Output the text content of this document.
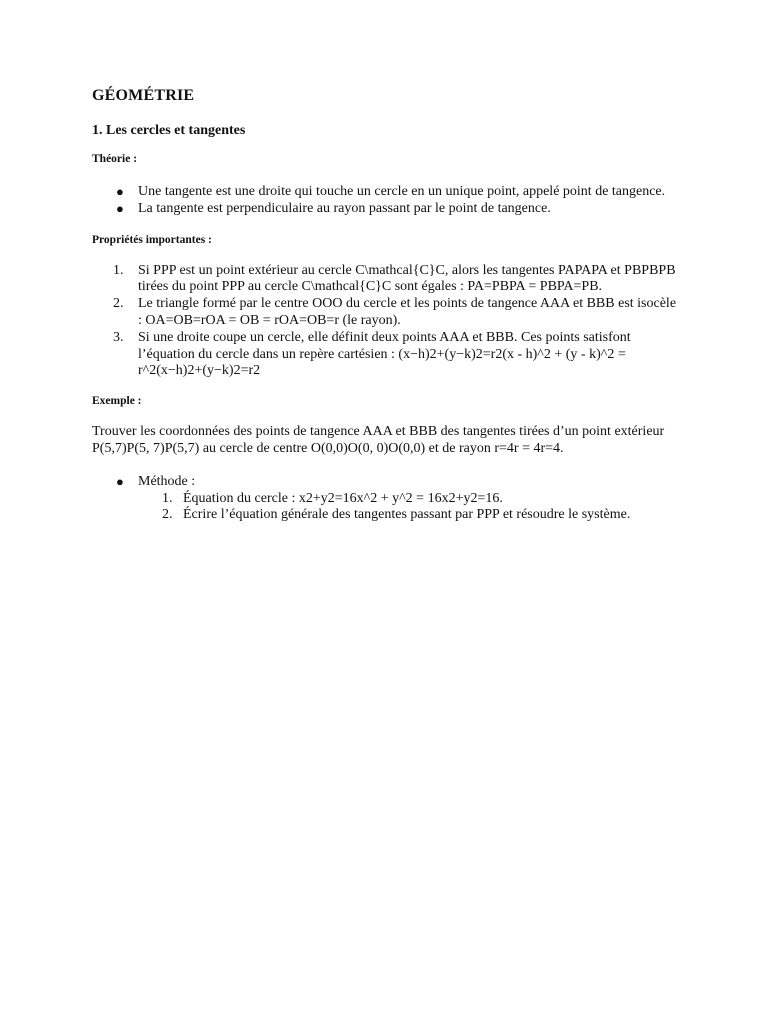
GÉOMÉTRIE
1. Les cercles et tangentes
Théorie :
● Une tangente est une droite qui touche un cercle en un unique point, appelé point de tangence.
● La tangente est perpendiculaire au rayon passant par le point de tangence.
Propriétés importantes :
1. Si PPP est un point extérieur au cercle C\mathcal{C}C, alors les tangentes PAPAPA et PBPBPB tirées du point PPP au cercle C\mathcal{C}C sont égales : PA=PBPA = PBPA=PB.
2. Le triangle formé par le centre OOO du cercle et les points de tangence AAA et BBB est isocèle : OA=OB=rOA = OB = rOA=OB=r (le rayon).
3. Si une droite coupe un cercle, elle définit deux points AAA et BBB. Ces points satisfont l’équation du cercle dans un repère cartésien : (x−h)2+(y−k)2=r2(x - h)^2 + (y - k)^2 = r^2(x−h)2+(y−k)2=r2
Exemple :

Trouver les coordonnées des points de tangence AAA et BBB des tangentes tirées d’un point extérieur P(5,7)P(5, 7)P(5,7) au cercle de centre O(0,0)O(0, 0)O(0,0) et de rayon r=4r = 4r=4.

● Méthode :
1. Équation du cercle : x2+y2=16x^2 + y^2 = 16x2+y2=16.
2. Écrire l’équation générale des tangentes passant par PPP et résoudre le système.
